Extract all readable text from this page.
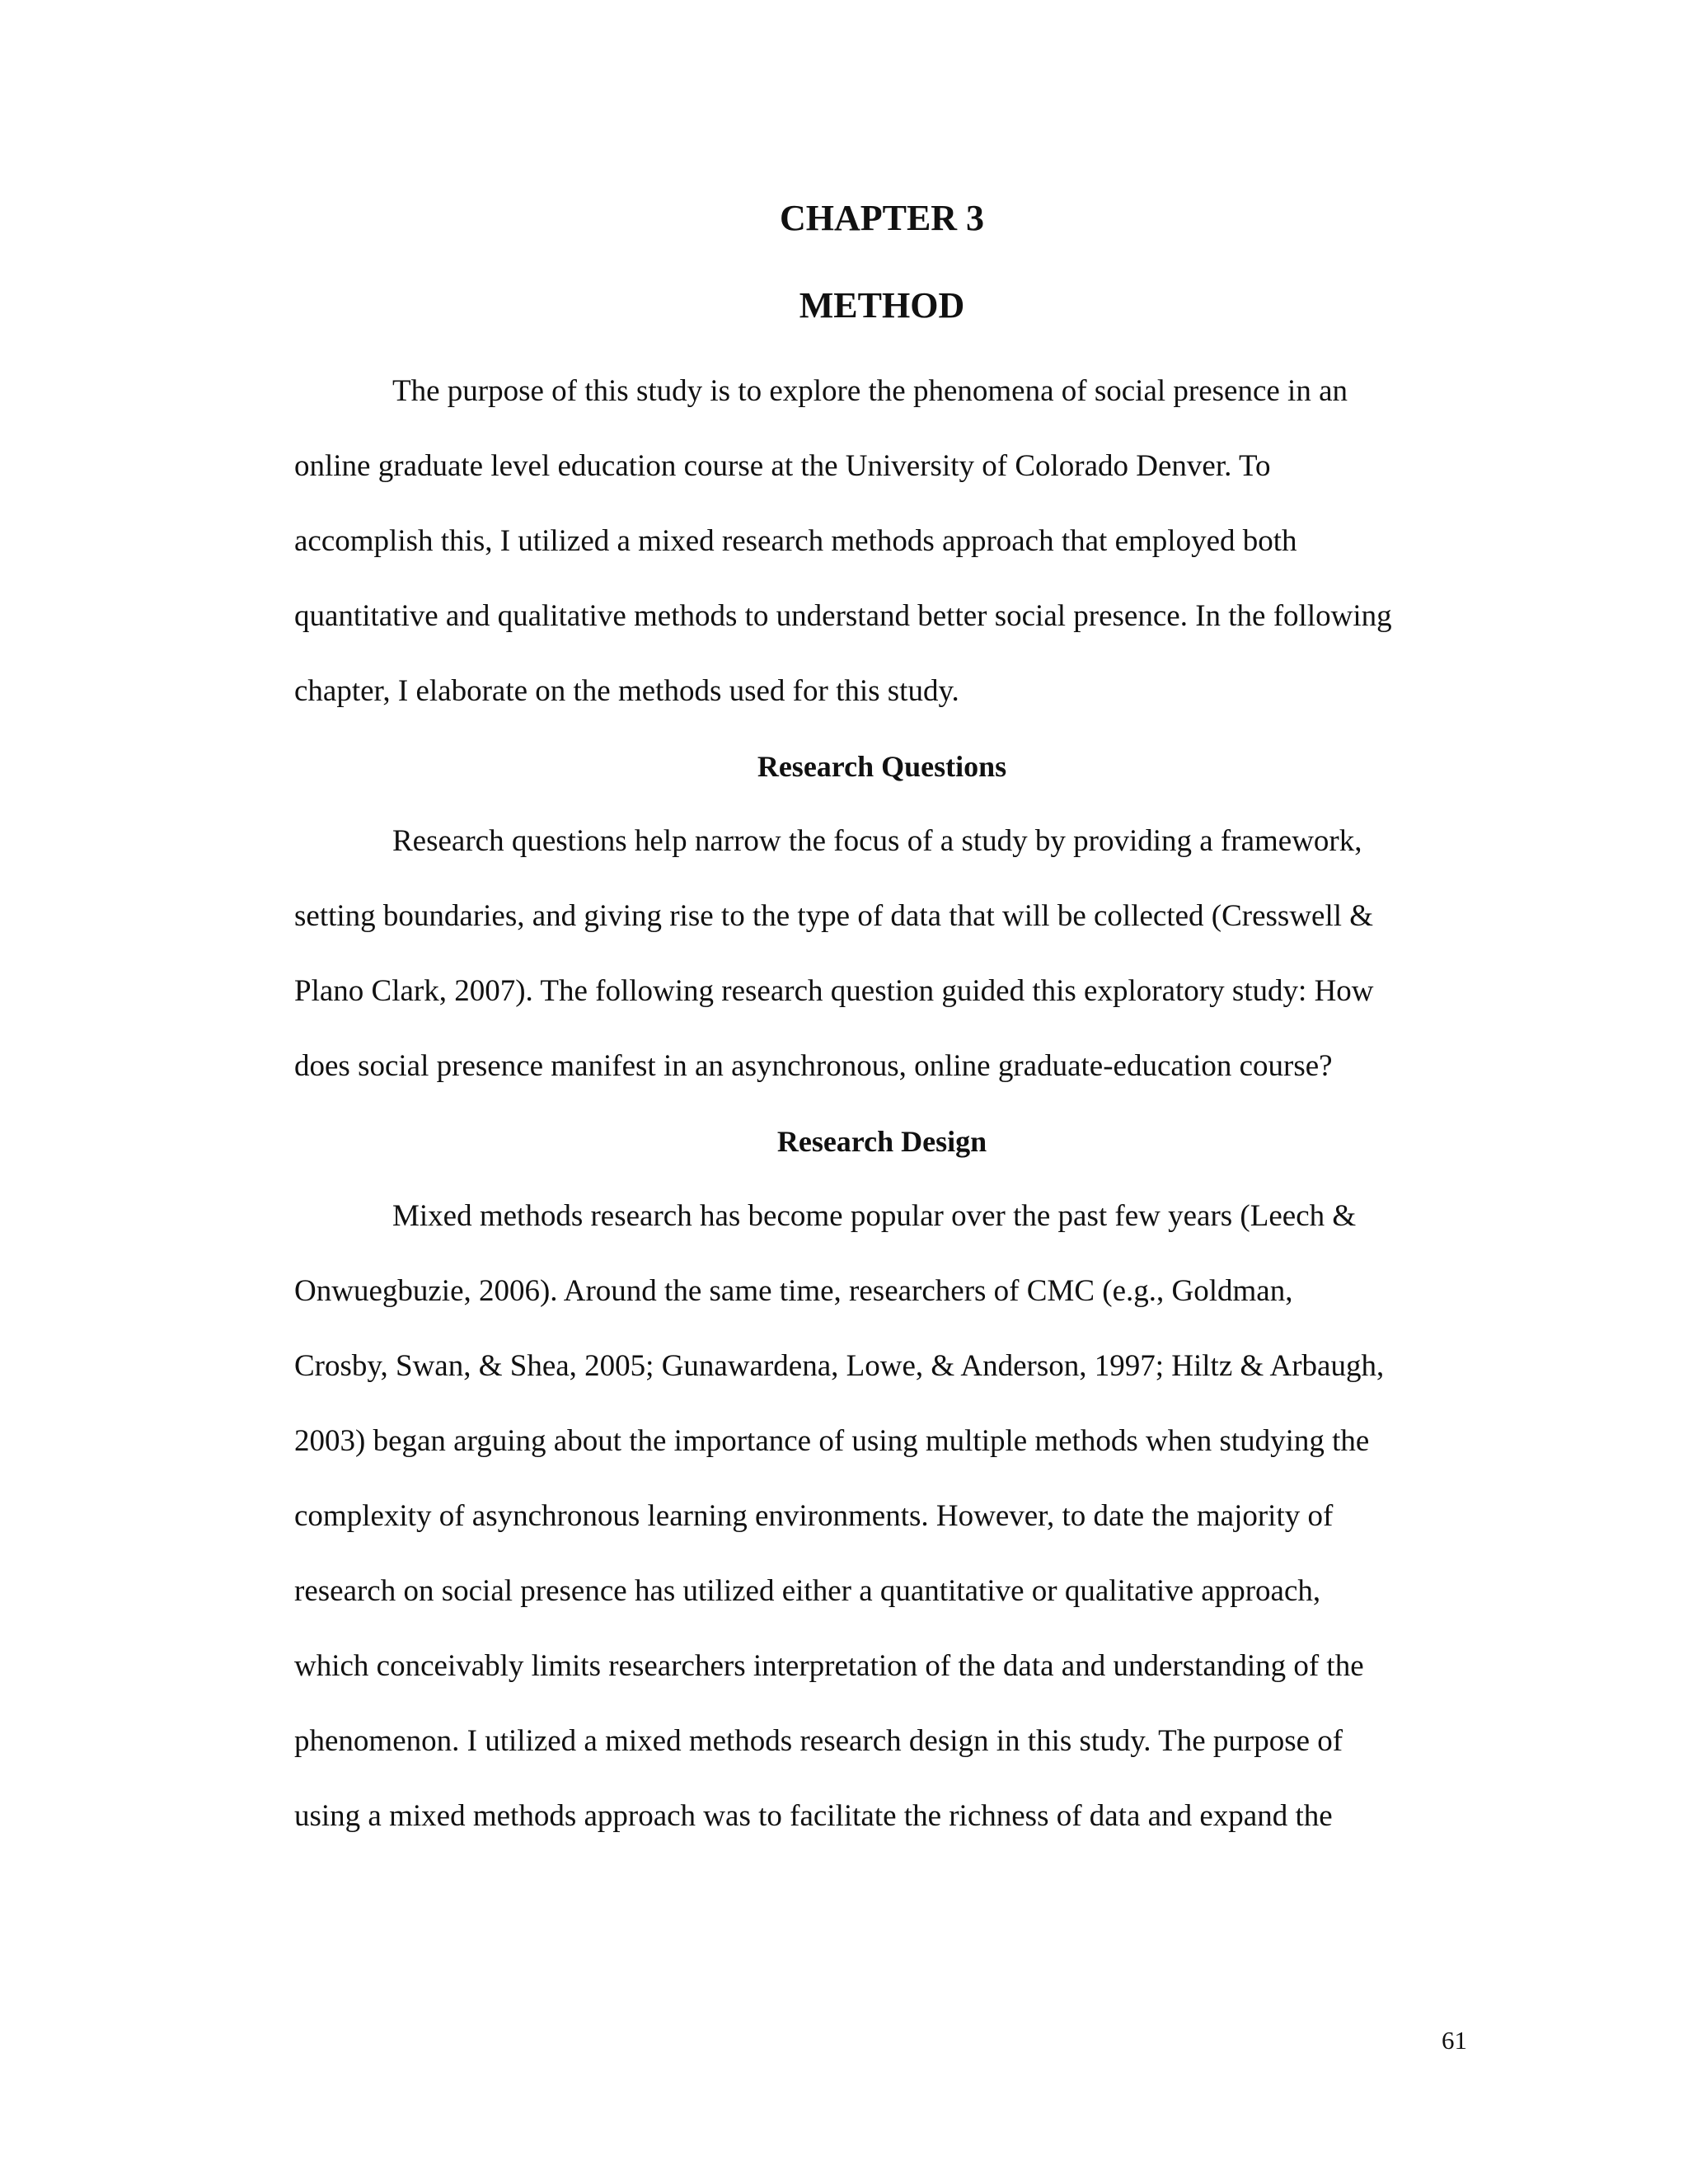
CHAPTER 3
METHOD
The purpose of this study is to explore the phenomena of social presence in an
online graduate level education course at the University of Colorado Denver. To
accomplish this, I utilized a mixed research methods approach that employed both
quantitative and qualitative methods to understand better social presence. In the following
chapter, I elaborate on the methods used for this study.
Research Questions
Research questions help narrow the focus of a study by providing a framework,
setting boundaries, and giving rise to the type of data that will be collected (Cresswell &
Plano Clark, 2007). The following research question guided this exploratory study: How
does social presence manifest in an asynchronous, online graduate-education course?
Research Design
Mixed methods research has become popular over the past few years (Leech &
Onwuegbuzie, 2006). Around the same time, researchers of CMC (e.g., Goldman,
Crosby, Swan, & Shea, 2005; Gunawardena, Lowe, & Anderson, 1997; Hiltz & Arbaugh,
2003) began arguing about the importance of using multiple methods when studying the
complexity of asynchronous learning environments. However, to date the majority of
research on social presence has utilized either a quantitative or qualitative approach,
which conceivably limits researchers interpretation of the data and understanding of the
phenomenon. I utilized a mixed methods research design in this study. The purpose of
using a mixed methods approach was to facilitate the richness of data and expand the
61
